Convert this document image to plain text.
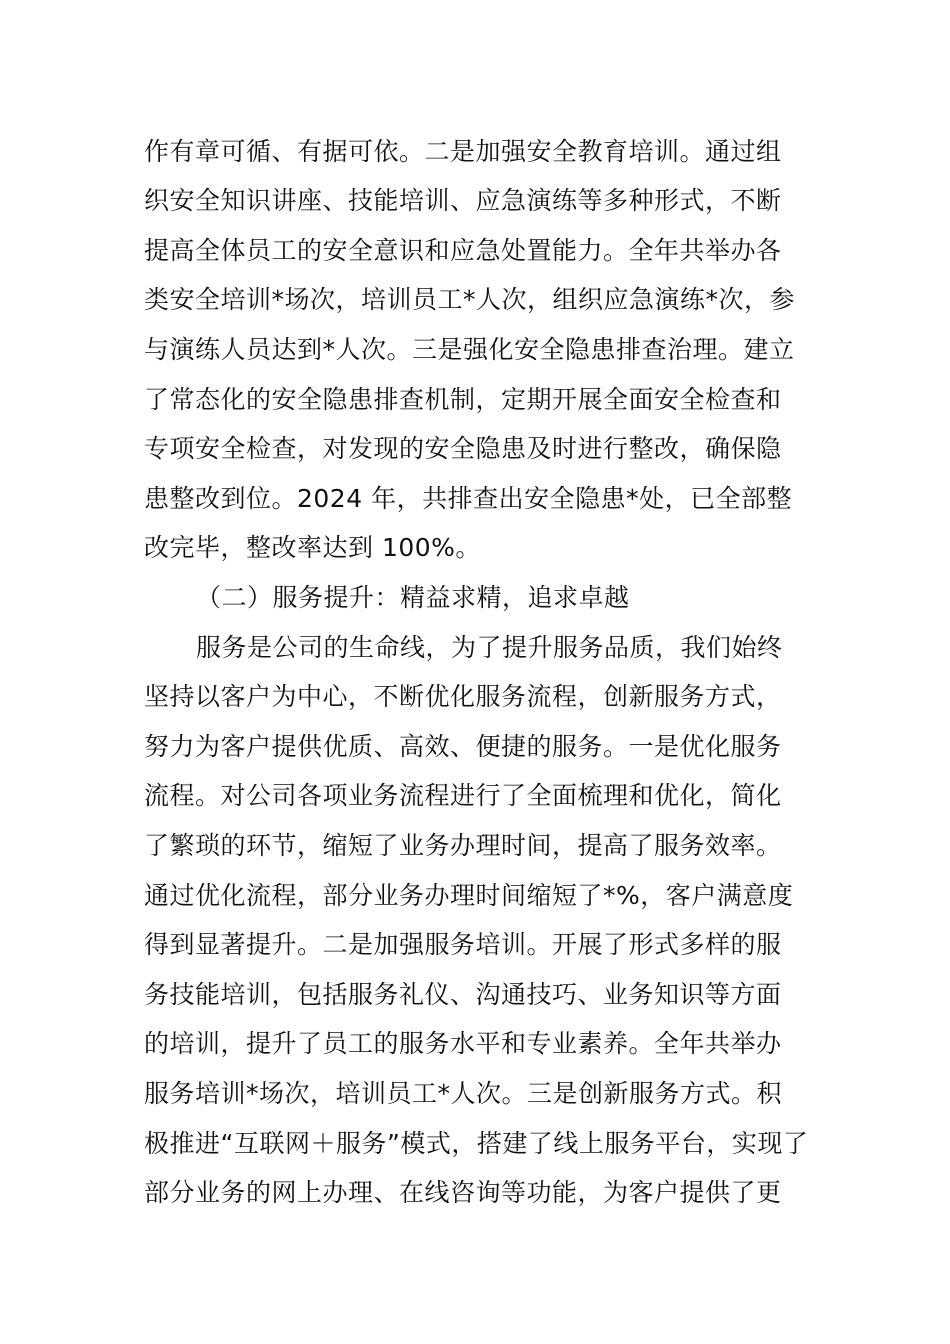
作有章可循、有据可依。二是加强安全教育培训。通过组
织安全知识讲座、技能培训、应急演练等多种形式，不断
提高全体员工的安全意识和应急处置能力。全年共举办各
类安全培训*场次，培训员工*人次，组织应急演练*次，参
与演练人员达到*人次。三是强化安全隐患排查治理。建立
了常态化的安全隐患排查机制，定期开展全面安全检查和
专项安全检查，对发现的安全隐患及时进行整改，确保隐
患整改到位。2024 年，共排查出安全隐患*处，已全部整
改完毕，整改率达到 100%。
（二）服务提升：精益求精，追求卓越
服务是公司的生命线，为了提升服务品质，我们始终
坚持以客户为中心，不断优化服务流程，创新服务方式，
努力为客户提供优质、高效、便捷的服务。一是优化服务
流程。对公司各项业务流程进行了全面梳理和优化，简化
了繁琐的环节，缩短了业务办理时间，提高了服务效率。
通过优化流程，部分业务办理时间缩短了*%，客户满意度
得到显著提升。二是加强服务培训。开展了形式多样的服
务技能培训，包括服务礼仪、沟通技巧、业务知识等方面
的培训，提升了员工的服务水平和专业素养。全年共举办
服务培训*场次，培训员工*人次。三是创新服务方式。积
极推进“互联网＋服务”模式，搭建了线上服务平台，实现了
部分业务的网上办理、在线咨询等功能，为客户提供了更
